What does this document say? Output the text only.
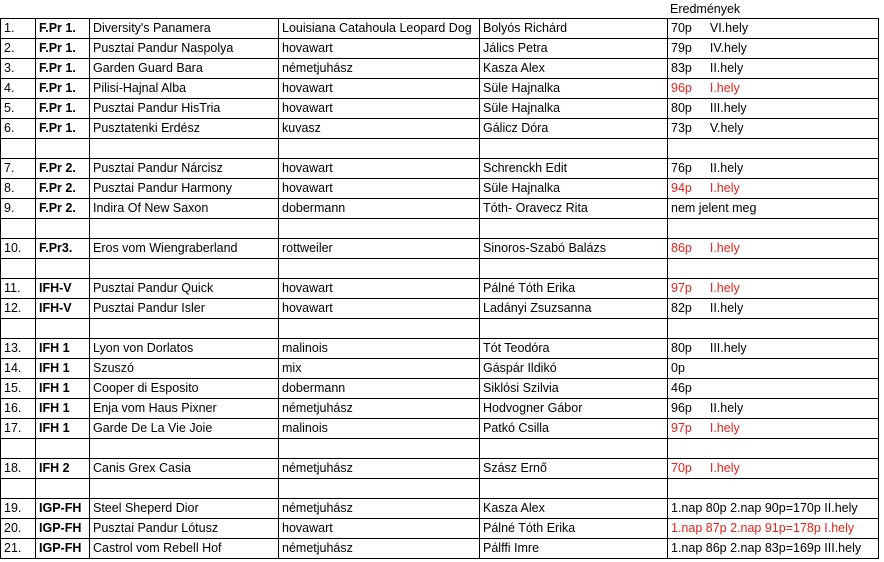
Eredmények
1.	F.Pr 1.	Diversity's Panamera	Louisiana Catahoula Leopard Dog	Bolyós Richárd	70p VI.hely
2.	F.Pr 1.	Pusztai Pandur Naspolya	hovawart	Jálics Petra	79p IV.hely
3.	F.Pr 1.	Garden Guard Bara	németjuhász	Kasza Alex	83p II.hely
4.	F.Pr 1.	Pilisi-Hajnal Alba	hovawart	Süle Hajnalka	96p I.hely
5.	F.Pr 1.	Pusztai Pandur HisTria	hovawart	Süle Hajnalka	80p III.hely
6.	F.Pr 1.	Pusztatenki Erdész	kuvasz	Gálicz Dóra	73p V.hely

7.	F.Pr 2.	Pusztai Pandur Nárcisz	hovawart	Schrenckh Edit	76p II.hely
8.	F.Pr 2.	Pusztai Pandur Harmony	hovawart	Süle Hajnalka	94p I.hely
9.	F.Pr 2.	Indira Of New Saxon	dobermann	Tóth- Oravecz Rita	nem jelent meg

10.	F.Pr3.	Eros vom Wiengraberland	rottweiler	Sinoros-Szabó Balázs	86p I.hely

11.	IFH-V	Pusztai Pandur Quick	hovawart	Pálné Tóth Erika	97p I.hely
12.	IFH-V	Pusztai Pandur Isler	hovawart	Ladányi Zsuzsanna	82p II.hely

13.	IFH 1	Lyon von Dorlatos	malinois	Tót Teodóra	80p III.hely
14.	IFH 1	Szuszó	mix	Gáspár Ildikó	0p
15.	IFH 1	Cooper di Esposito	dobermann	Siklósi Szilvia	46p
16.	IFH 1	Enja vom Haus Pixner	németjuhász	Hodvogner Gábor	96p II.hely
17.	IFH 1	Garde De La Vie Joie	malinois	Patkó Csilla	97p I.hely

18.	IFH 2	Canis Grex Casia	németjuhász	Szász Ernő	70p I.hely

19.	IGP-FH	Steel Sheperd Dior	németjuhász	Kasza Alex	1.nap 80p 2.nap 90p=170p II.hely
20.	IGP-FH	Pusztai Pandur Lótusz	hovawart	Pálné Tóth Erika	1.nap 87p 2.nap 91p=178p I.hely
21.	IGP-FH	Castrol vom Rebell Hof	németjuhász	Pálffi Imre	1.nap 86p 2.nap 83p=169p III.hely
